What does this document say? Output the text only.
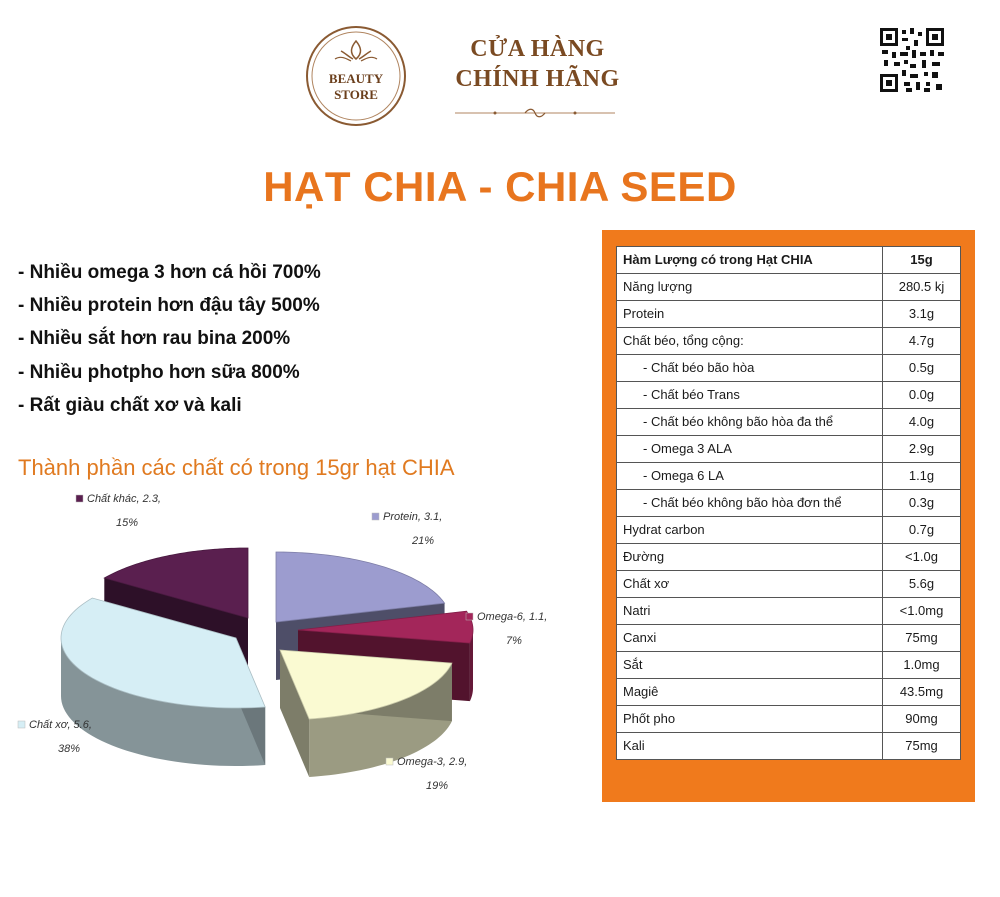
BEAUTY
STORE
CỬA HÀNG
CHÍNH HÃNG
HẠT CHIA - CHIA SEED
- Nhiều omega 3 hơn cá hồi 700%
- Nhiều protein hơn đậu tây 500%
- Nhiều sắt hơn rau bina 200%
- Nhiều photpho hơn sữa 800%
- Rất giàu chất xơ và kali
Thành phần các chất có trong 15gr hạt CHIA
Protein, 3.1,
21%
Omega-6, 1.1,
7%
Omega-3, 2.9,
19%
Chất xơ, 5.6,
38%
Chất khác, 2.3,
15%
Hàm Lượng có trong Hạt CHIA	15g
Năng lượng	280.5 kj
Protein	3.1g
Chất béo, tổng cộng:	4.7g
- Chất béo bão hòa	0.5g
- Chất béo Trans	0.0g
- Chất béo không bão hòa đa thể	4.0g
- Omega 3 ALA	2.9g
- Omega 6 LA	1.1g
- Chất béo không bão hòa đơn thể	0.3g
Hydrat carbon	0.7g
Đường	<1.0g
Chất xơ	5.6g
Natri	<1.0mg
Canxi	75mg
Sắt	1.0mg
Magiê	43.5mg
Phốt pho	90mg
Kali	75mg
